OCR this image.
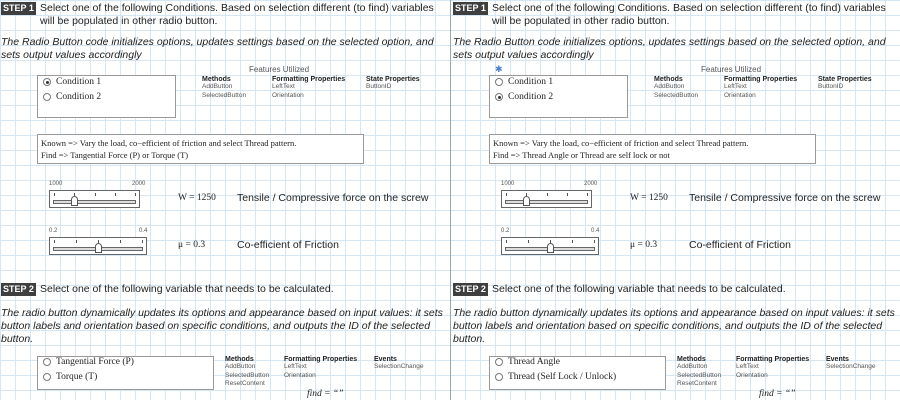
STEP 1 Select one of the following Conditions. Based on selection different (to find) variables will be populated in other radio button.
The Radio Button code initializes options, updates settings based on the selected option, and sets output values accordingly
Features Utilized
Condition 1
Condition 2
Methods
AddButton
SelectedButton
Formatting Properties
LeftText
Orientation
State Properties
ButtonID
Known => Vary the load, co−efficient of friction and select Thread pattern.
Find => Tangential Force (P) or Torque (T)
1000	2000
W = 1250 Tensile / Compressive force on the screw
0.2	0.4
μ = 0.3	Co-efficient of Friction
STEP 2 Select one of the following variable that needs to be calculated.
The radio button dynamically updates its options and appearance based on input values: it sets button labels and orientation based on specific conditions, and outputs the ID of the selected button.
Tangential Force (P)
Torque (T)
Methods
AddButton
SelectedButton
ResetContent
Formatting Properties
LeftText
Orientation
Events
SelectionChange
find = “”
STEP 1 Select one of the following Conditions. Based on selection different (to find) variables will be populated in other radio button.
The Radio Button code initializes options, updates settings based on the selected option, and sets output values accordingly
✱	Features Utilized
Condition 1
Condition 2
Methods
AddButton
SelectedButton
Formatting Properties
LeftText
Orientation
State Properties
ButtonID
Known => Vary the load, co−efficient of friction and select Thread pattern.
Find => Thread Angle or Thread are self lock or not
1000	2000
W = 1250 Tensile / Compressive force on the screw
0.2	0.4
μ = 0.3	Co-efficient of Friction
STEP 2 Select one of the following variable that needs to be calculated.
The radio button dynamically updates its options and appearance based on input values: it sets button labels and orientation based on specific conditions, and outputs the ID of the selected button.
Thread Angle
Thread (Self Lock / Unlock)
Methods
AddButton
SelectedButton
ResetContent
Formatting Properties
LeftText
Orientation
Events
SelectionChange
find = “”
